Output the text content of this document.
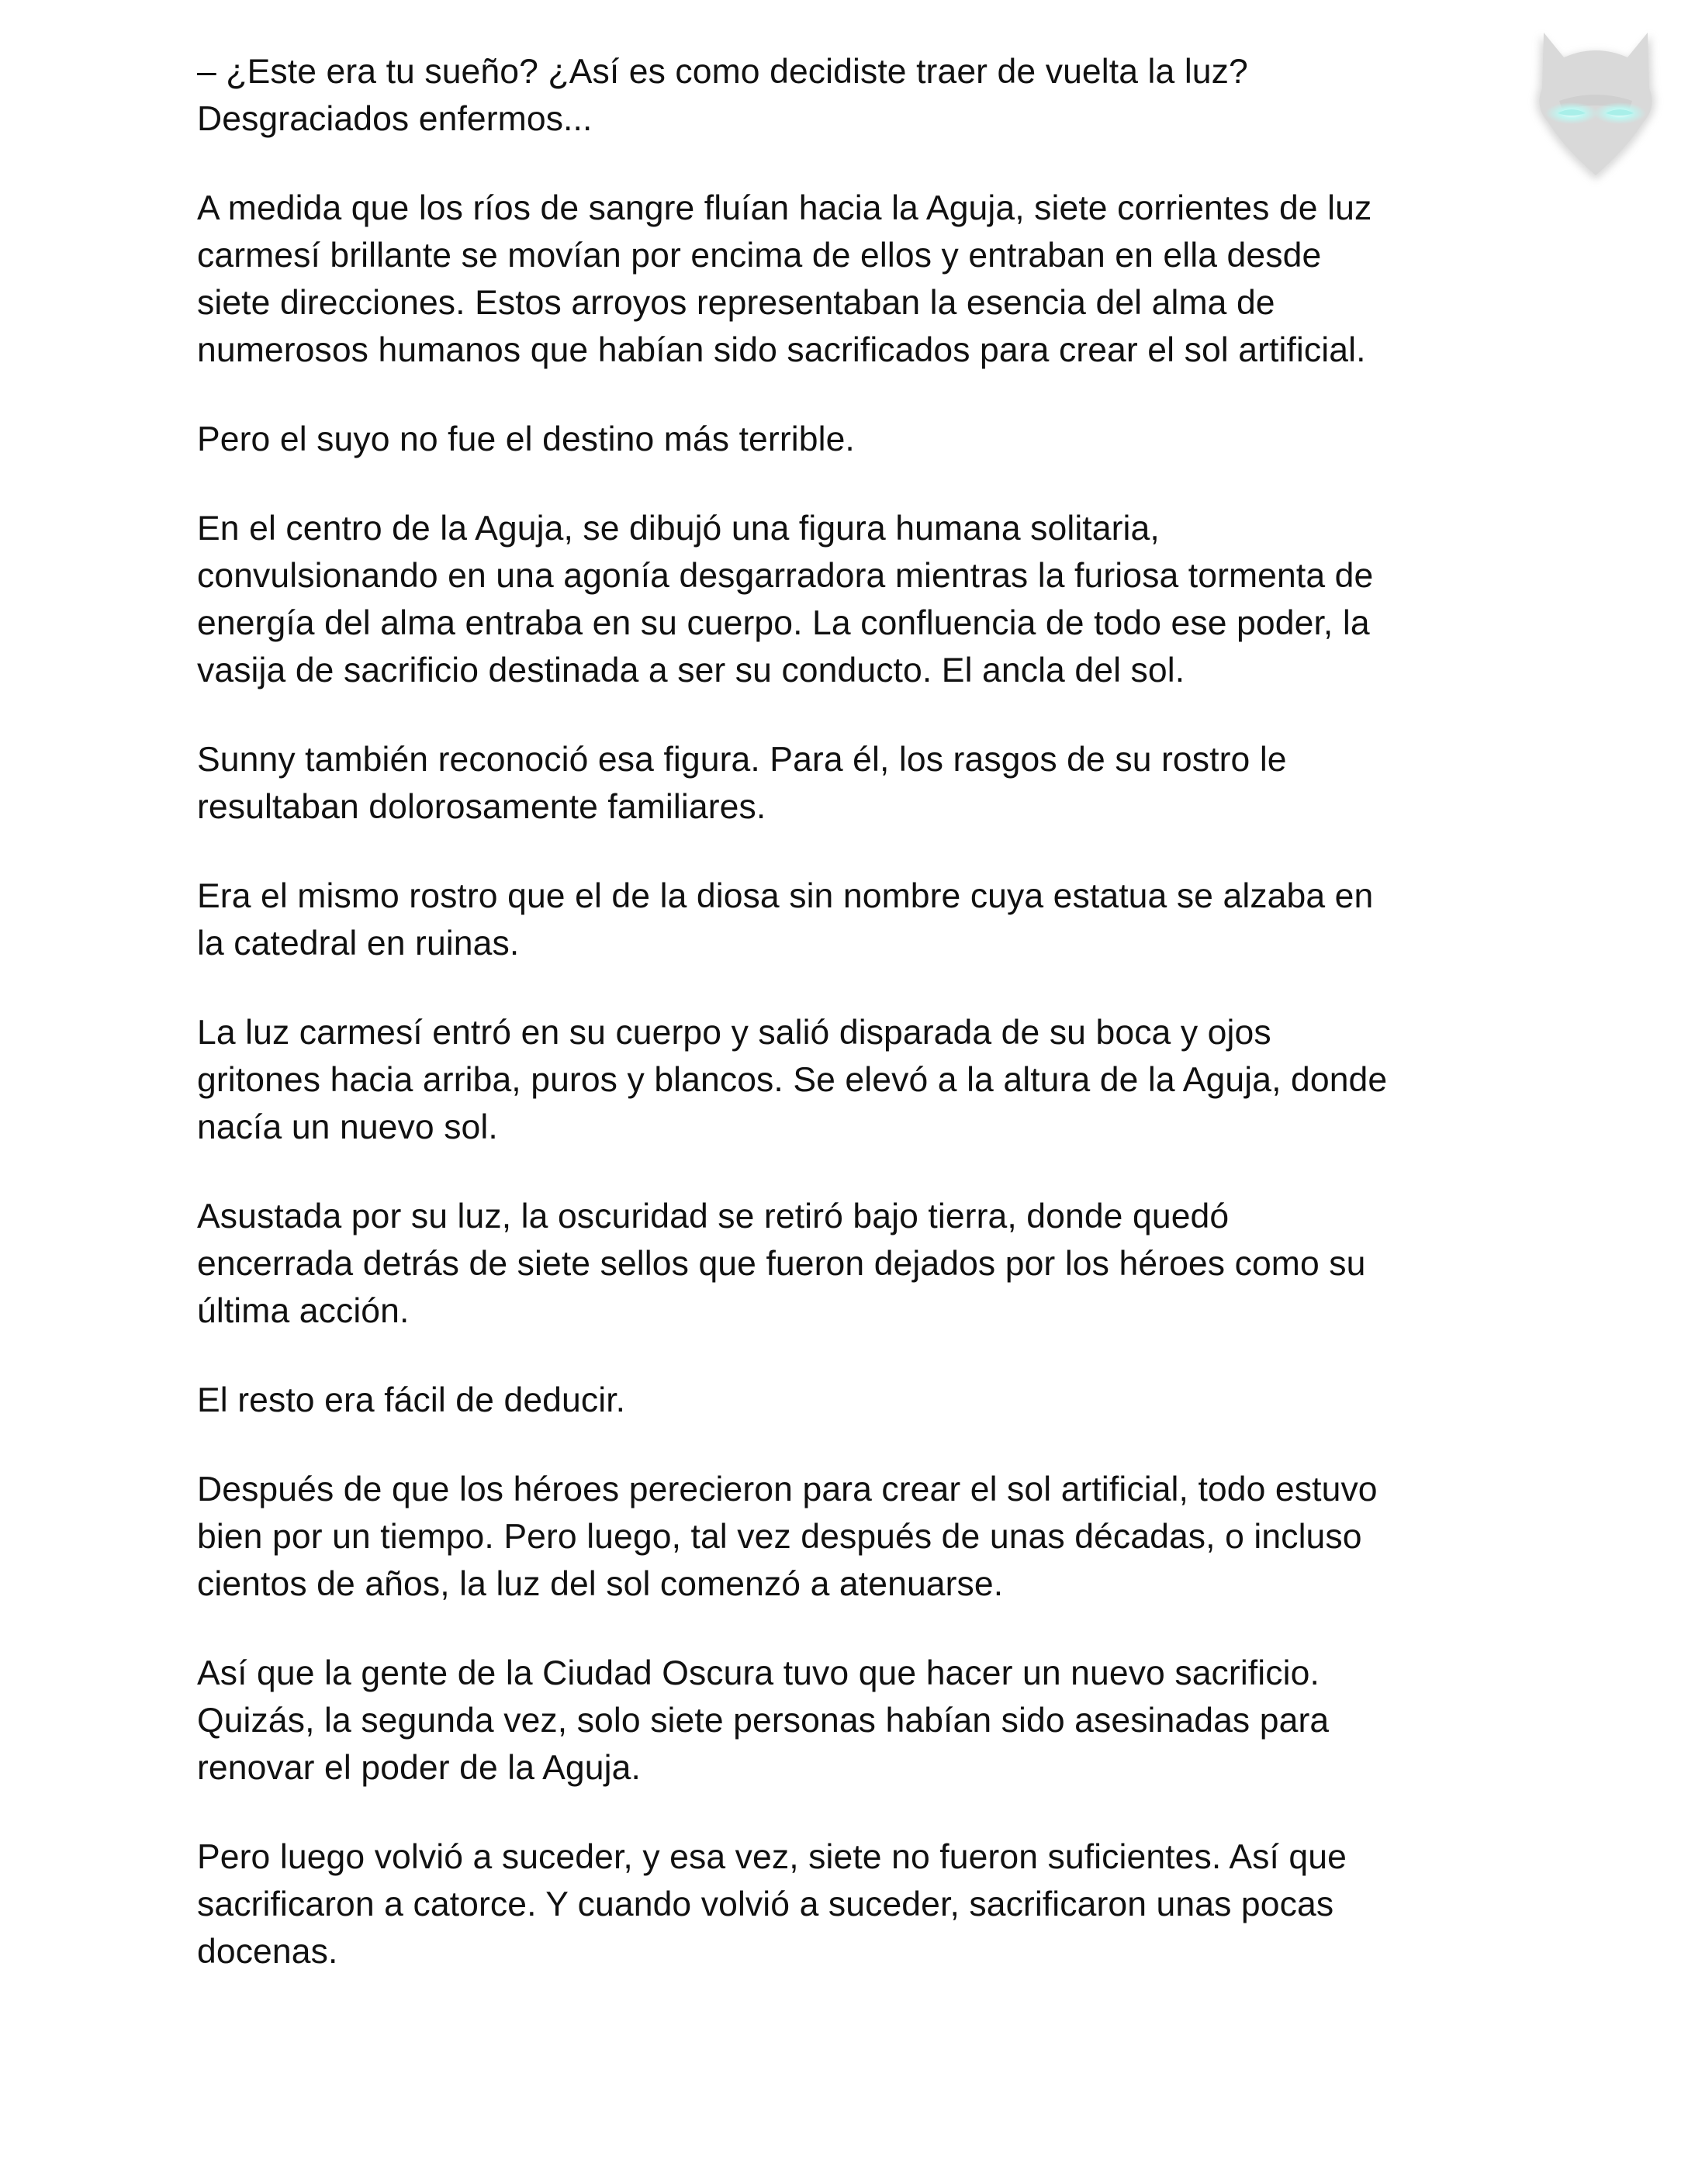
– ¿Este era tu sueño? ¿Así es como decidiste traer de vuelta la luz?
Desgraciados enfermos...

A medida que los ríos de sangre fluían hacia la Aguja, siete corrientes de luz
carmesí brillante se movían por encima de ellos y entraban en ella desde
siete direcciones. Estos arroyos representaban la esencia del alma de
numerosos humanos que habían sido sacrificados para crear el sol artificial.

Pero el suyo no fue el destino más terrible.

En el centro de la Aguja, se dibujó una figura humana solitaria,
convulsionando en una agonía desgarradora mientras la furiosa tormenta de
energía del alma entraba en su cuerpo. La confluencia de todo ese poder, la
vasija de sacrificio destinada a ser su conducto. El ancla del sol.

Sunny también reconoció esa figura. Para él, los rasgos de su rostro le
resultaban dolorosamente familiares.

Era el mismo rostro que el de la diosa sin nombre cuya estatua se alzaba en
la catedral en ruinas.

La luz carmesí entró en su cuerpo y salió disparada de su boca y ojos
gritones hacia arriba, puros y blancos. Se elevó a la altura de la Aguja, donde
nacía un nuevo sol.

Asustada por su luz, la oscuridad se retiró bajo tierra, donde quedó
encerrada detrás de siete sellos que fueron dejados por los héroes como su
última acción.

El resto era fácil de deducir.

Después de que los héroes perecieron para crear el sol artificial, todo estuvo
bien por un tiempo. Pero luego, tal vez después de unas décadas, o incluso
cientos de años, la luz del sol comenzó a atenuarse.

Así que la gente de la Ciudad Oscura tuvo que hacer un nuevo sacrificio.
Quizás, la segunda vez, solo siete personas habían sido asesinadas para
renovar el poder de la Aguja.

Pero luego volvió a suceder, y esa vez, siete no fueron suficientes. Así que
sacrificaron a catorce. Y cuando volvió a suceder, sacrificaron unas pocas
docenas.
